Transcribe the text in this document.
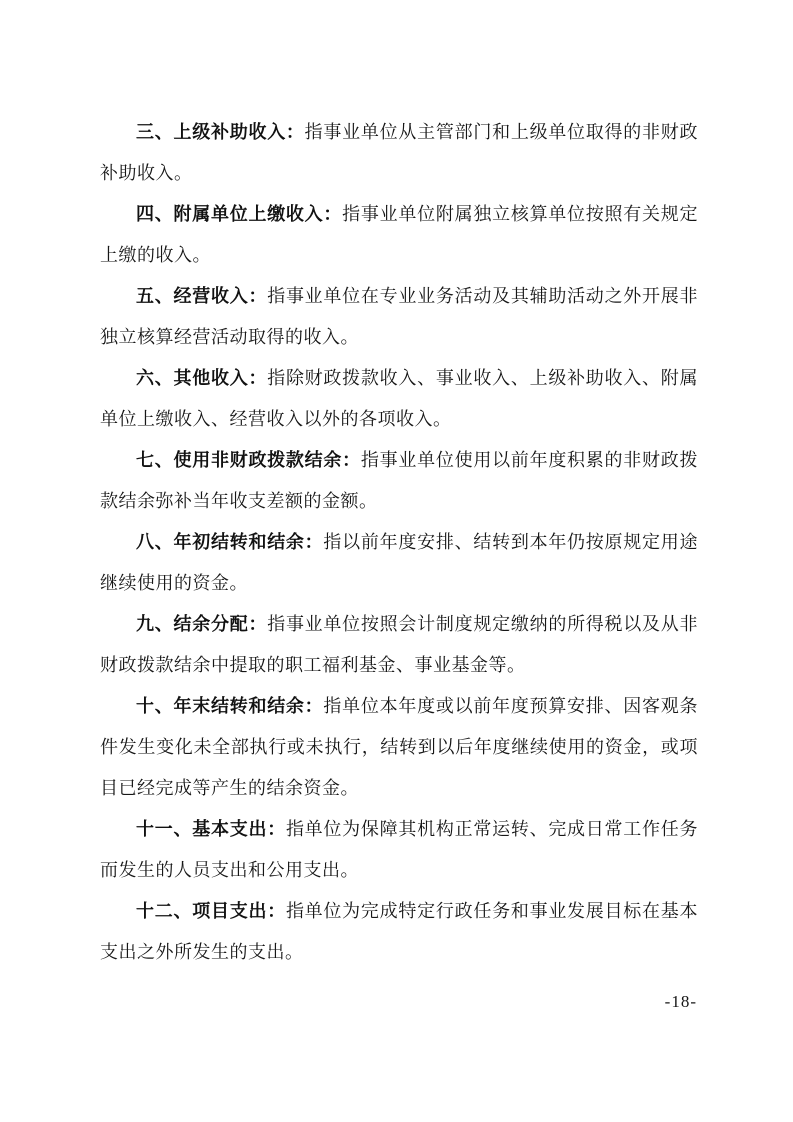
三、上级补助收入：指事业单位从主管部门和上级单位取得的非财政补助收入。

四、附属单位上缴收入：指事业单位附属独立核算单位按照有关规定上缴的收入。

五、经营收入：指事业单位在专业业务活动及其辅助活动之外开展非独立核算经营活动取得的收入。

六、其他收入：指除财政拨款收入、事业收入、上级补助收入、附属单位上缴收入、经营收入以外的各项收入。

七、使用非财政拨款结余：指事业单位使用以前年度积累的非财政拨款结余弥补当年收支差额的金额。

八、年初结转和结余：指以前年度安排、结转到本年仍按原规定用途继续使用的资金。

九、结余分配：指事业单位按照会计制度规定缴纳的所得税以及从非财政拨款结余中提取的职工福利基金、事业基金等。

十、年末结转和结余：指单位本年度或以前年度预算安排、因客观条件发生变化未全部执行或未执行，结转到以后年度继续使用的资金，或项目已经完成等产生的结余资金。

十一、基本支出：指单位为保障其机构正常运转、完成日常工作任务而发生的人员支出和公用支出。

十二、项目支出：指单位为完成特定行政任务和事业发展目标在基本支出之外所发生的支出。

-18-
